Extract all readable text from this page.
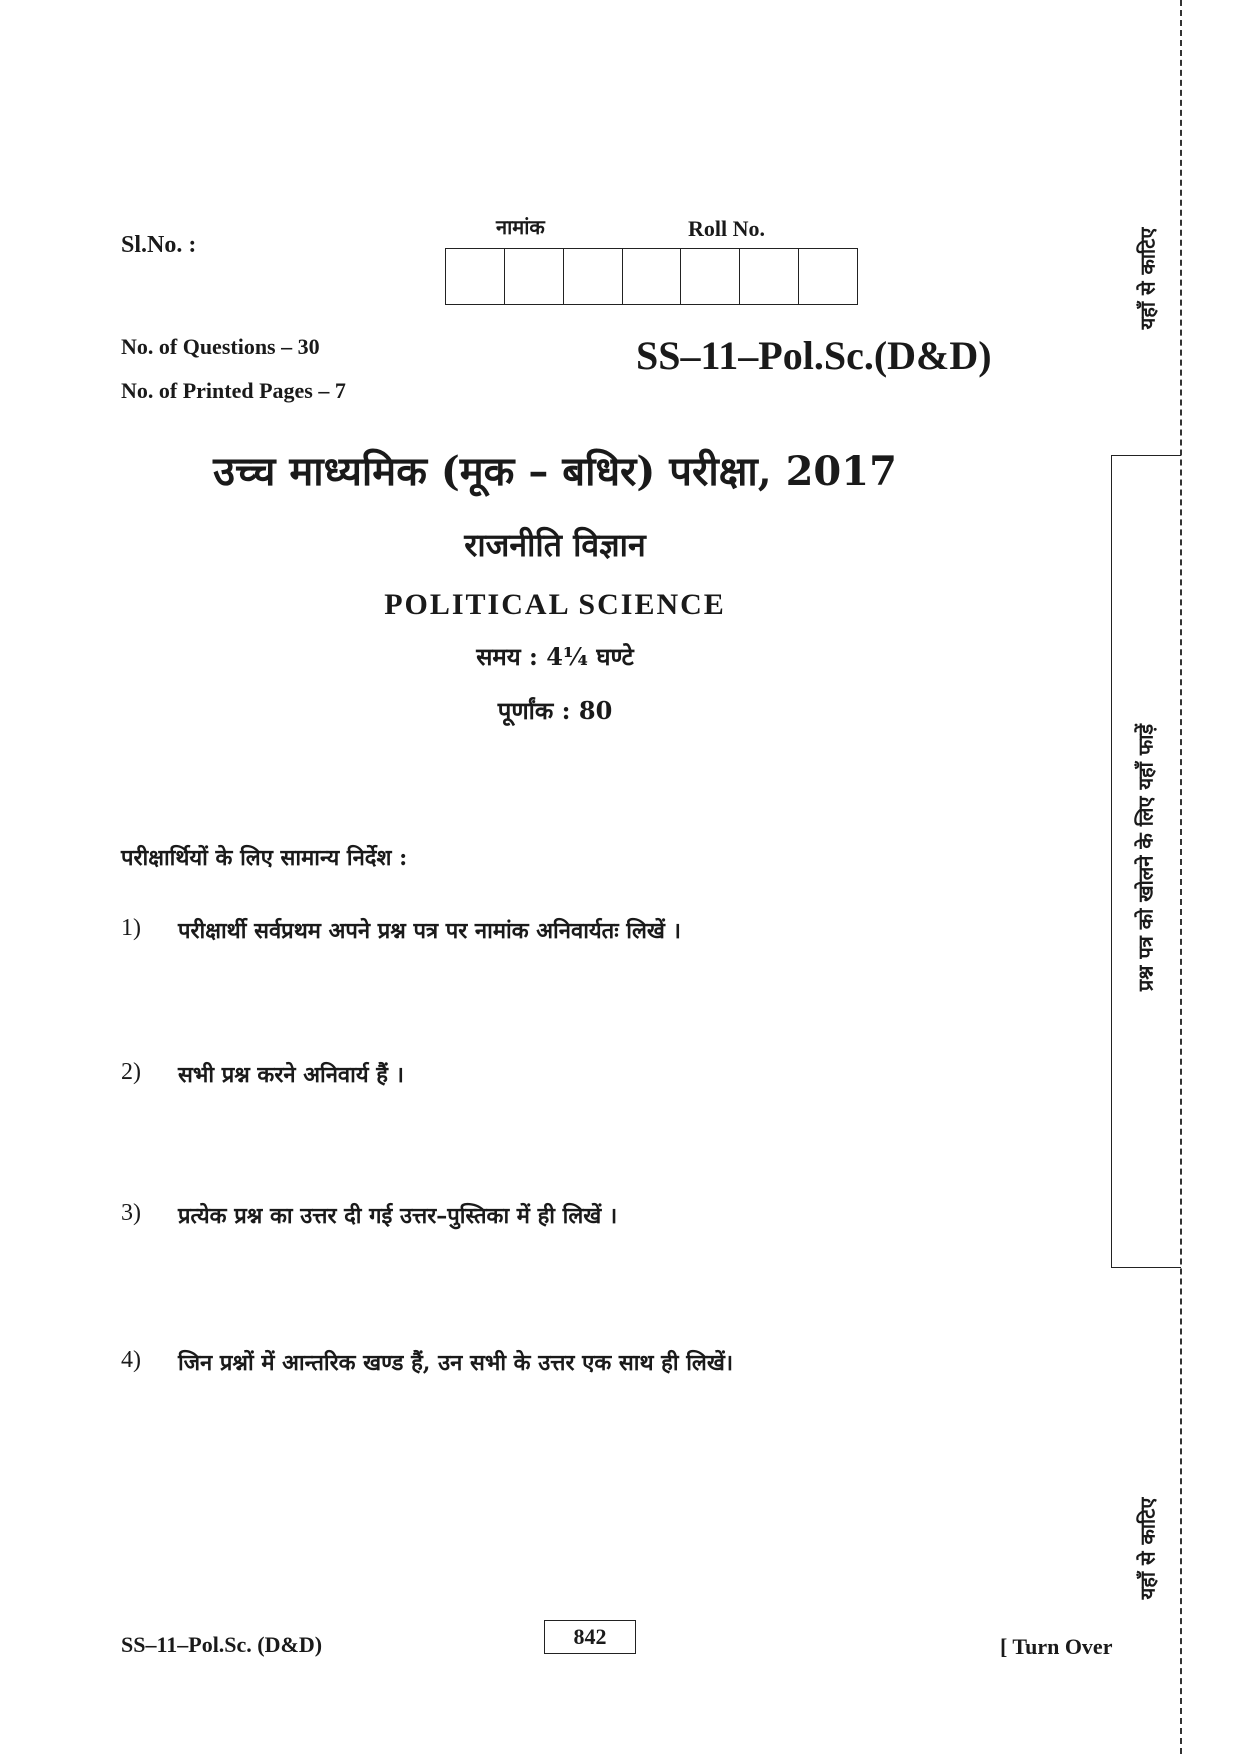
Sl.No. :
नामांक	Roll No.
No. of Questions – 30
No. of Printed Pages – 7
SS–11–Pol.Sc.(D&D)
उच्च माध्यमिक (मूक – बधिर) परीक्षा, 2017
राजनीति विज्ञान
POLITICAL SCIENCE
समय : 4¼ घण्टे
पूर्णांक : 80
परीक्षार्थियों के लिए सामान्य निर्देश :
1)	परीक्षार्थी सर्वप्रथम अपने प्रश्न पत्र पर नामांक अनिवार्यतः लिखें ।
2)	सभी प्रश्न करने अनिवार्य हैं ।
3)	प्रत्येक प्रश्न का उत्तर दी गई उत्तर–पुस्तिका में ही लिखें ।
4)	जिन प्रश्नों में आन्तरिक खण्ड हैं, उन सभी के उत्तर एक साथ ही लिखें।
SS–11–Pol.Sc. (D&D)	842	[ Turn Over
यहाँ से काटिए
प्रश्न पत्र को खोलने के लिए यहाँ फाड़ें
यहाँ से काटिए
